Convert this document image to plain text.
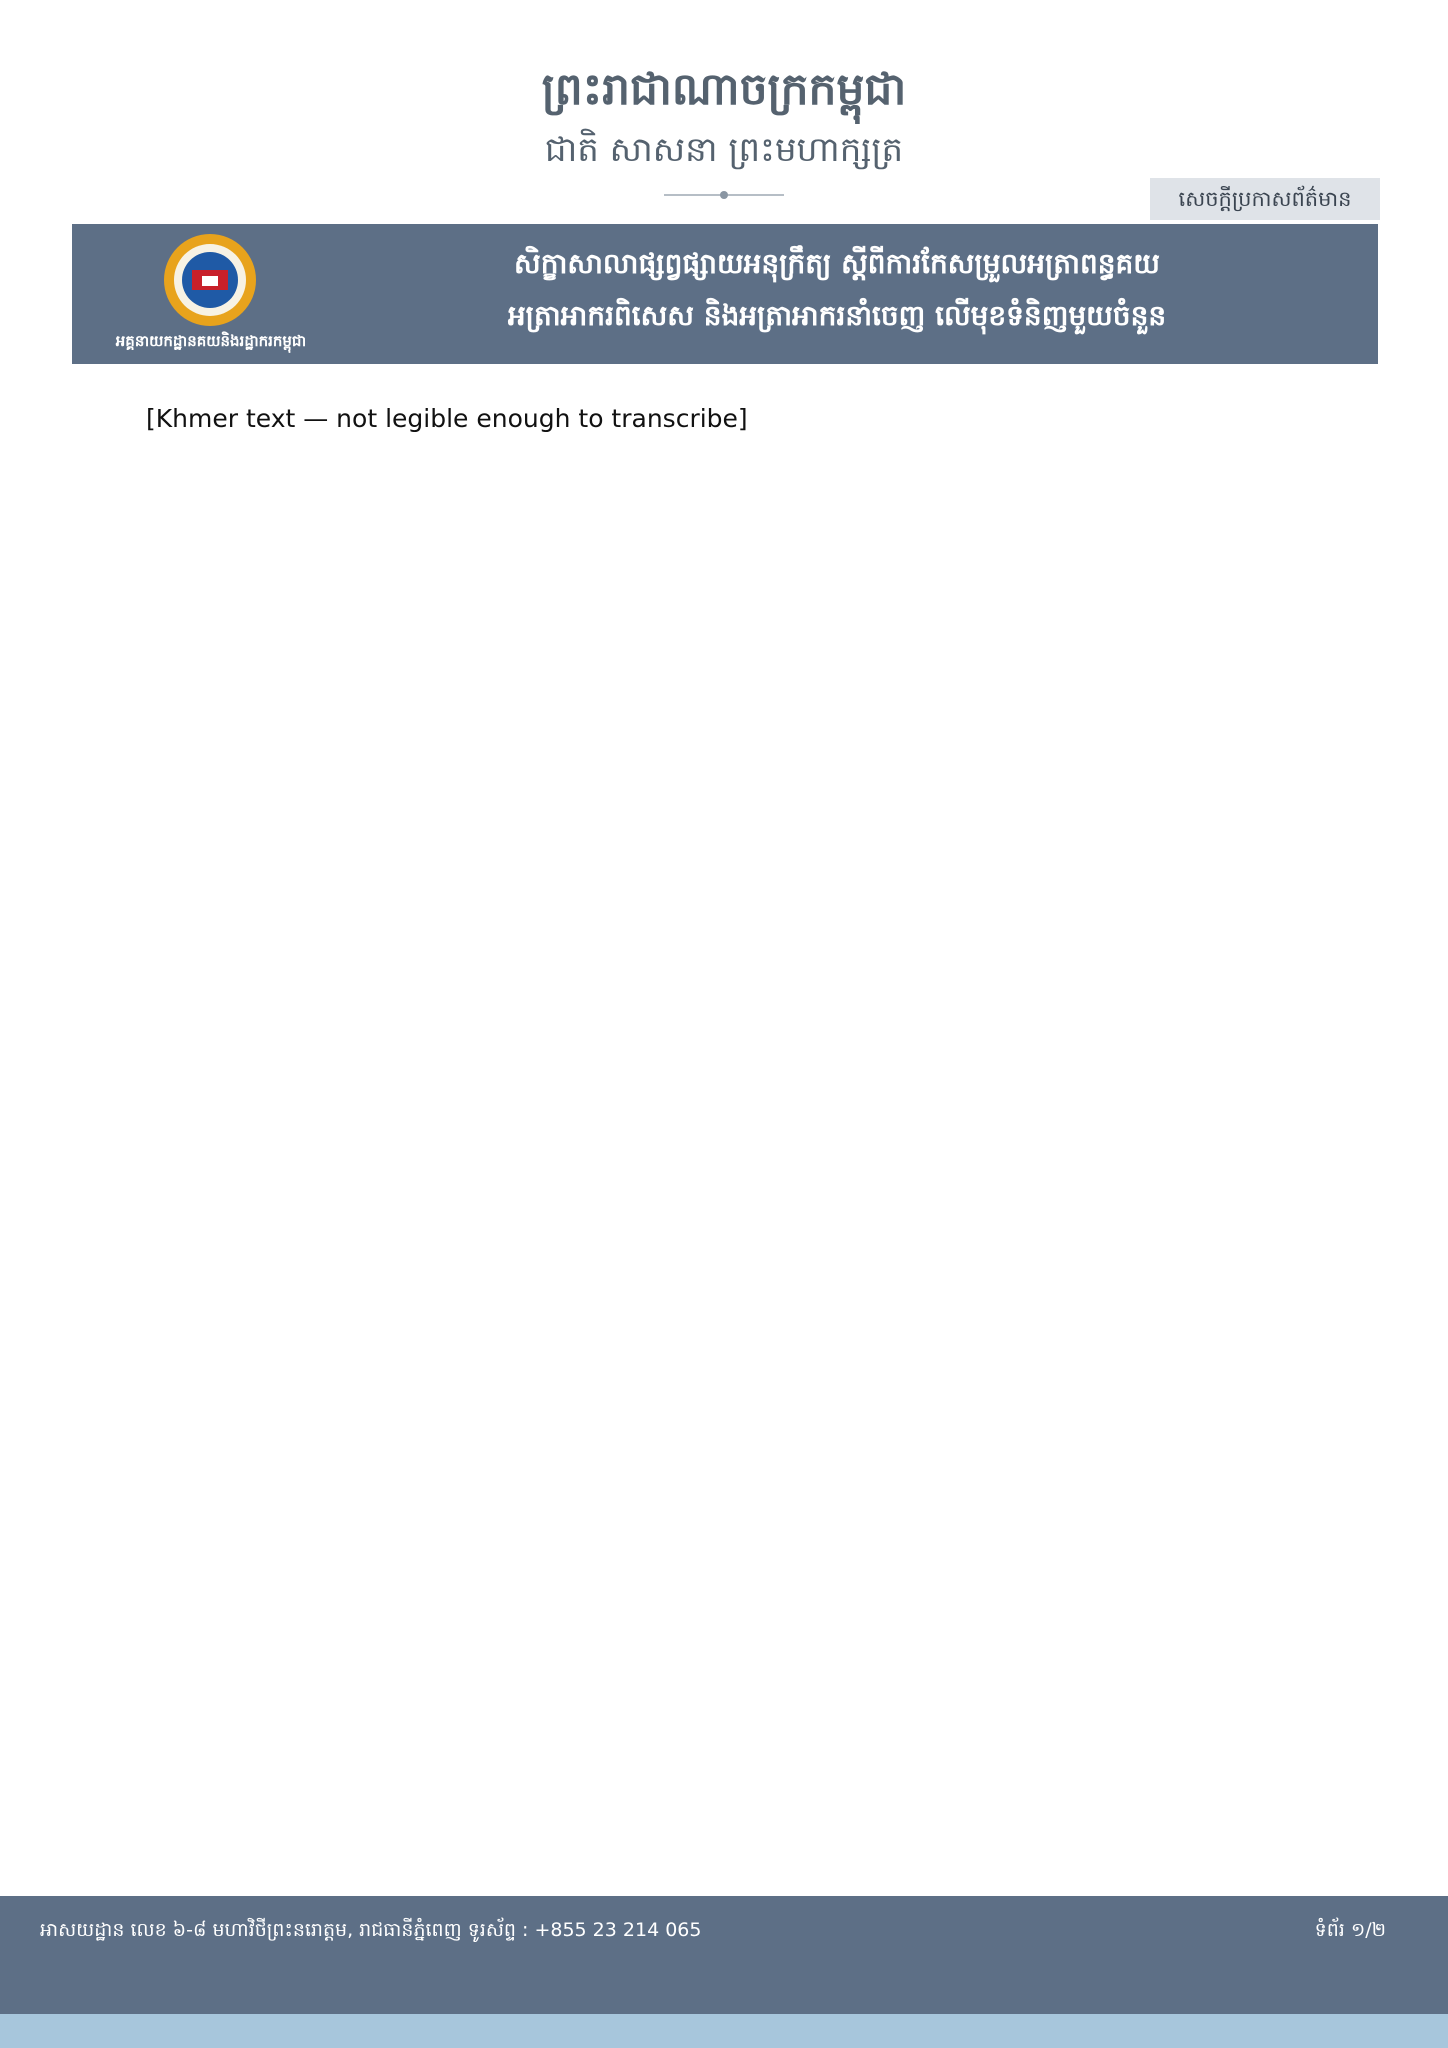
ព្រះរាជាណាចក្រកម្ពុជា
ជាតិ សាសនា ព្រះមហាក្សត្រ
សេចក្តីប្រកាសព័ត៌មាន
អគ្គនាយកដ្ឋានគយនិងរដ្ឋាករកម្ពុជា
សិក្ខាសាលាផ្សព្វផ្សាយអនុក្រឹត្យ ស្តីពីការកែសម្រួលអត្រាពន្ធគយ
អត្រាអាករពិសេស និងអត្រាអាករនាំចេញ លើមុខទំនិញមួយចំនួន

[Khmer text — not legible enough to transcribe]

អាសយដ្ឋាន លេខ ៦-៨ មហាវិថីព្រះនរោត្តម, រាជធានីភ្នំពេញ ទូរស័ព្ទ : +855 23 214 065	ទំព័រ ១/២
